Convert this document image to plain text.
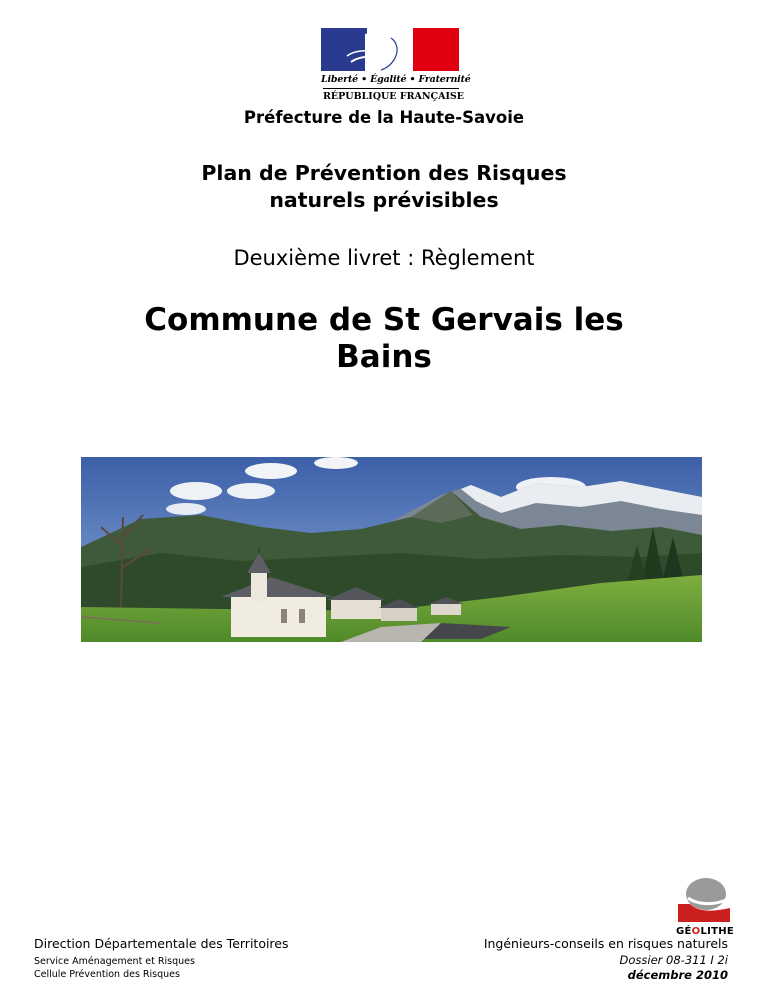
Liberté • Égalité • Fraternité
RÉPUBLIQUE FRANÇAISE
Préfecture de la Haute-Savoie
Plan de Prévention des Risques
naturels prévisibles
Deuxième livret : Règlement
Commune de St Gervais les
Bains
Direction Départementale des Territoires
Service Aménagement et Risques
Cellule Prévention des Risques
GÉOLITHE
Ingénieurs-conseils en risques naturels
Dossier 08-311 I 2i
décembre 2010
